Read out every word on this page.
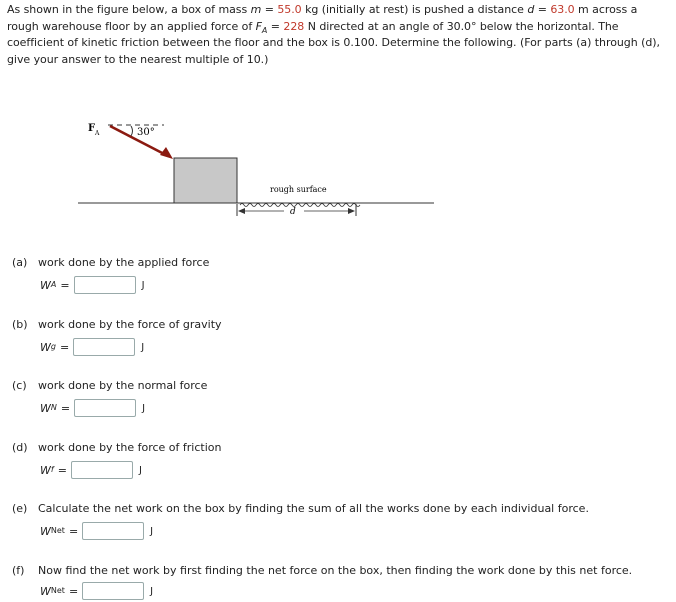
As shown in the figure below, a box of mass m = 55.0 kg (initially at rest) is pushed a distance d = 63.0 m across a rough warehouse floor by an applied force of $F_A = 228$ N directed at an angle of 30.0° below the horizontal. The coefficient of kinetic friction between the floor and the box is 0.100. Determine the following. (For parts (a) through (d), give your answer to the nearest multiple of 10.)
30°
F A
rough surface
d
(a) work done by the applied force
W A =	J
(b) work done by the force of gravity
W g =	J
(c) work done by the normal force
W N =	J
(d) work done by the force of friction
W f =	J
(e) Calculate the net work on the box by finding the sum of all the works done by each individual force.
W Net =	J
(f) Now find the net work by first finding the net force on the box, then finding the work done by this net force.
W Net =	J
